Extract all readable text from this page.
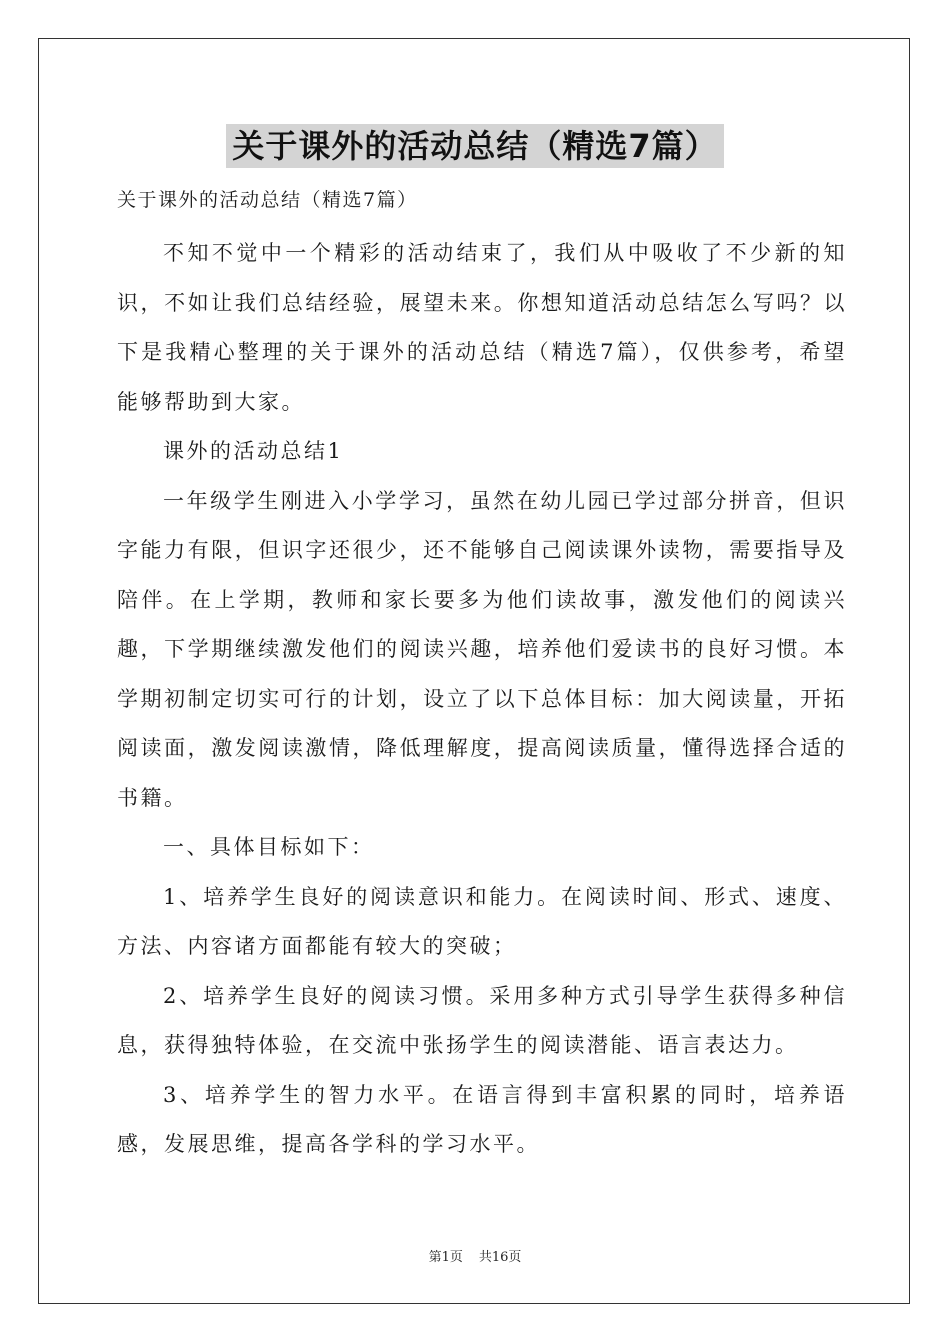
关于课外的活动总结（精选7篇）

关于课外的活动总结（精选7篇）

不知不觉中一个精彩的活动结束了，我们从中吸收了不少新的知识，不如让我们总结经验，展望未来。你想知道活动总结怎么写吗？以下是我精心整理的关于课外的活动总结（精选7篇），仅供参考，希望能够帮助到大家。

课外的活动总结1

一年级学生刚进入小学学习，虽然在幼儿园已学过部分拼音，但识字能力有限，但识字还很少，还不能够自己阅读课外读物，需要指导及陪伴。在上学期，教师和家长要多为他们读故事，激发他们的阅读兴趣，下学期继续激发他们的阅读兴趣，培养他们爱读书的良好习惯。本学期初制定切实可行的计划，设立了以下总体目标：加大阅读量，开拓阅读面，激发阅读激情，降低理解度，提高阅读质量，懂得选择合适的书籍。

一、具体目标如下：

1、培养学生良好的阅读意识和能力。在阅读时间、形式、速度、方法、内容诸方面都能有较大的突破；

2、培养学生良好的阅读习惯。采用多种方式引导学生获得多种信息，获得独特体验，在交流中张扬学生的阅读潜能、语言表达力。

3、培养学生的智力水平。在语言得到丰富积累的同时，培养语感，发展思维，提高各学科的学习水平。

第1页 共16页
